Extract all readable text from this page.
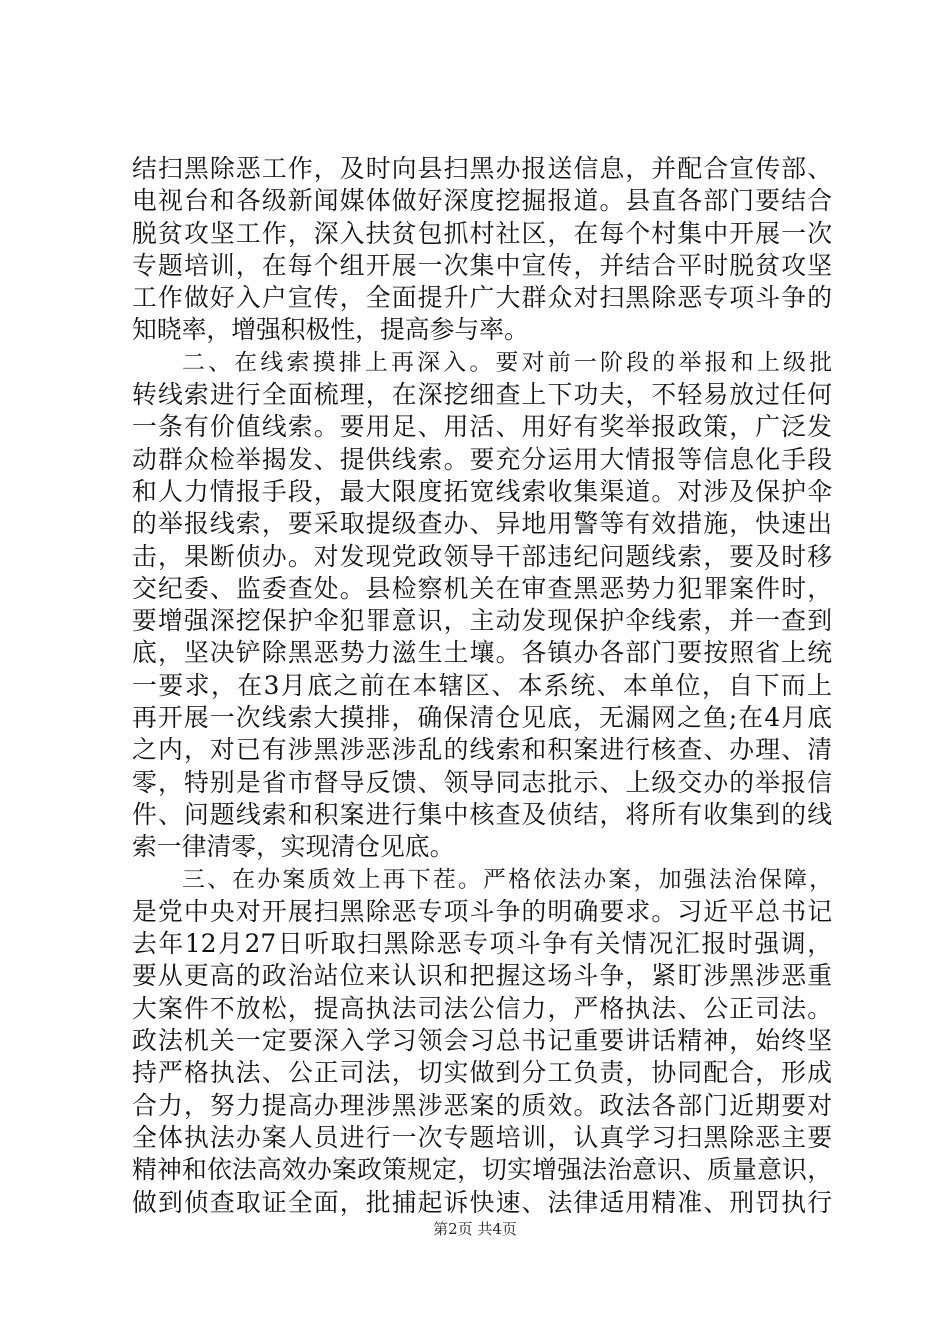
结扫黑除恶工作，及时向县扫黑办报送信息，并配合宣传部、
电视台和各级新闻媒体做好深度挖掘报道。县直各部门要结合
脱贫攻坚工作，深入扶贫包抓村社区，在每个村集中开展一次
专题培训，在每个组开展一次集中宣传，并结合平时脱贫攻坚
工作做好入户宣传，全面提升广大群众对扫黑除恶专项斗争的
知晓率，增强积极性，提高参与率。
二、在线索摸排上再深入。要对前一阶段的举报和上级批
转线索进行全面梳理，在深挖细查上下功夫，不轻易放过任何
一条有价值线索。要用足、用活、用好有奖举报政策，广泛发
动群众检举揭发、提供线索。要充分运用大情报等信息化手段
和人力情报手段，最大限度拓宽线索收集渠道。对涉及保护伞
的举报线索，要采取提级查办、异地用警等有效措施，快速出
击，果断侦办。对发现党政领导干部违纪问题线索，要及时移
交纪委、监委查处。县检察机关在审查黑恶势力犯罪案件时，
要增强深挖保护伞犯罪意识，主动发现保护伞线索，并一查到
底，坚决铲除黑恶势力滋生土壤。各镇办各部门要按照省上统
一要求，在3月底之前在本辖区、本系统、本单位，自下而上
再开展一次线索大摸排，确保清仓见底，无漏网之鱼;在4月底
之内，对已有涉黑涉恶涉乱的线索和积案进行核查、办理、清
零，特别是省市督导反馈、领导同志批示、上级交办的举报信
件、问题线索和积案进行集中核查及侦结，将所有收集到的线
索一律清零，实现清仓见底。
三、在办案质效上再下茬。严格依法办案，加强法治保障，
是党中央对开展扫黑除恶专项斗争的明确要求。习近平总书记
去年12月27日听取扫黑除恶专项斗争有关情况汇报时强调，
要从更高的政治站位来认识和把握这场斗争，紧盯涉黑涉恶重
大案件不放松，提高执法司法公信力，严格执法、公正司法。
政法机关一定要深入学习领会习总书记重要讲话精神，始终坚
持严格执法、公正司法，切实做到分工负责，协同配合，形成
合力，努力提高办理涉黑涉恶案的质效。政法各部门近期要对
全体执法办案人员进行一次专题培训，认真学习扫黑除恶主要
精神和依法高效办案政策规定，切实增强法治意识、质量意识，
做到侦查取证全面，批捕起诉快速、法律适用精准、刑罚执行
第2页 共4页
